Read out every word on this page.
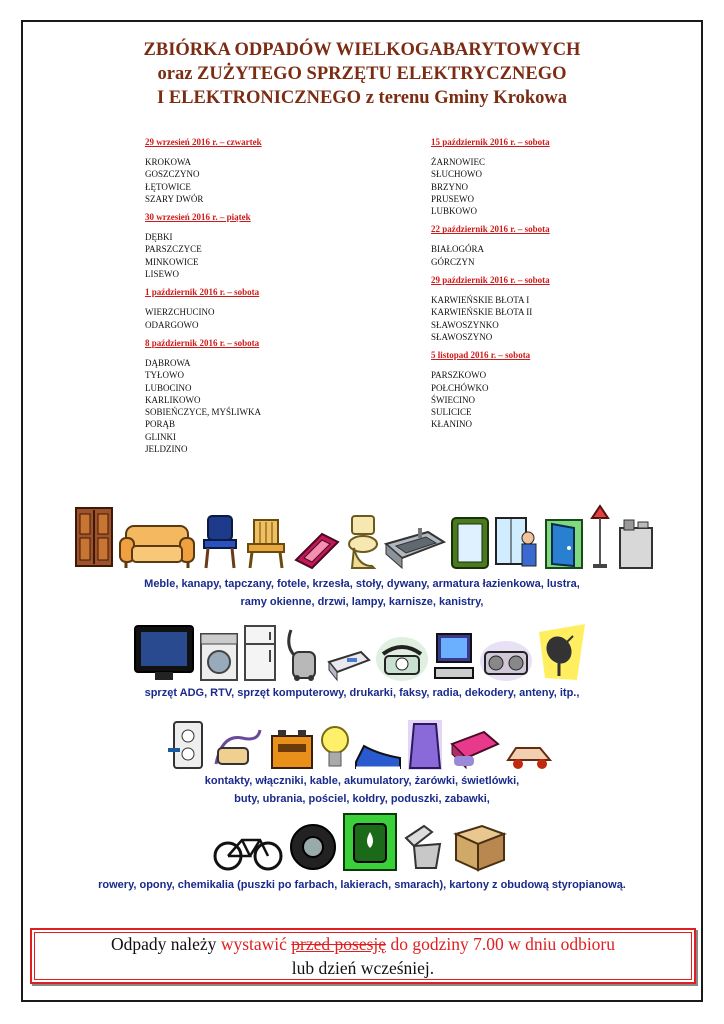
ZBIÓRKA ODPADÓW WIELKOGABARYTOWYCH
oraz ZUŻYTEGO SPRZĘTU ELEKTRYCZNEGO
I ELEKTRONICZNEGO z terenu Gminy Krokowa
29 wrzesień 2016 r. – czwartek
KROKOWA
GOSZCZYNO
ŁĘTOWICE
SZARY DWÓR
30 wrzesień 2016 r. – piątek
DĘBKI
PARSZCZYCE
MINKOWICE
LISEWO
1 październik 2016 r. – sobota
WIERZCHUCINO
ODARGOWO
8 październik 2016 r. – sobota
DĄBROWA
TYŁOWO
LUBOCINO
KARLIKOWO
SOBIEŃCZYCE, MYŚLIWKA
PORĄB
GLINKI
JELDZINO
15 październik 2016 r. – sobota
ŻARNOWIEC
SŁUCHOWO
BRZYNO
PRUSEWO
LUBKOWO
22 październik 2016 r. – sobota
BIAŁOGÓRA
GÓRCZYN
29 październik 2016 r. – sobota
KARWIEŃSKIE BŁOTA I
KARWIEŃSKIE BŁOTA II
SŁAWOSZYNKO
SŁAWOSZYNO
5 listopad 2016 r. – sobota
PARSZKOWO
POŁCHÓWKO
ŚWIECINO
SULICICE
KŁANINO
Meble, kanapy, tapczany, fotele, krzesła, stoły, dywany, armatura łazienkowa, lustra,
ramy okienne, drzwi, lampy, karnisze, kanistry,
sprzęt ADG, RTV, sprzęt komputerowy, drukarki, faksy, radia, dekodery, anteny, itp.,
kontakty, włączniki, kable, akumulatory, żarówki, świetlówki,
buty, ubrania, pościel, kołdry, poduszki, zabawki,
rowery, opony, chemikalia (puszki po farbach, lakierach, smarach), kartony z obudową styropianową.
Odpady należy wystawić przed posesję do godziny 7.00 w dniu odbioru
lub dzień wcześniej.
